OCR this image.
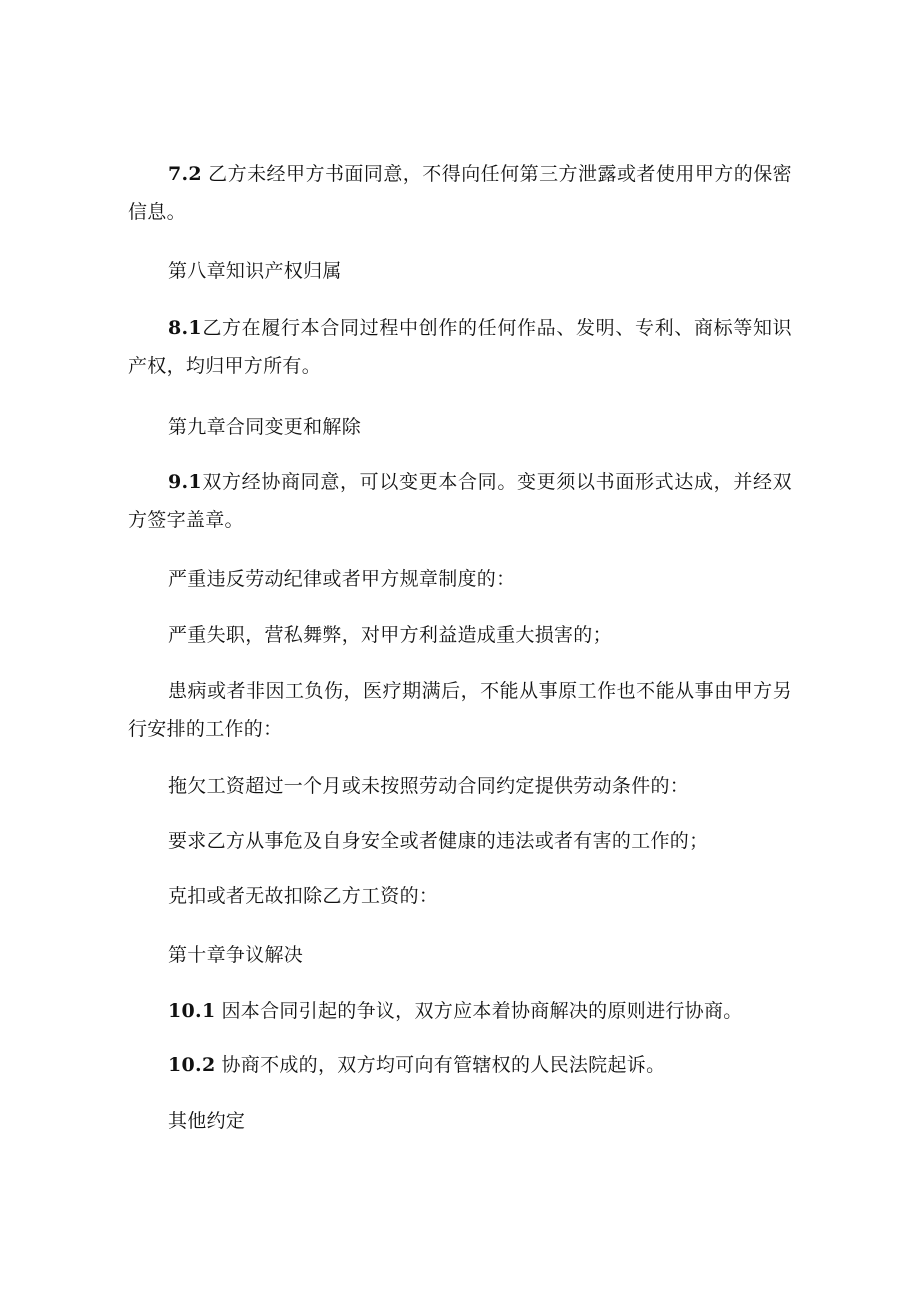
7.2 乙方未经甲方书面同意，不得向任何第三方泄露或者使用甲方的保密信息。

第八章知识产权归属

8.1乙方在履行本合同过程中创作的任何作品、发明、专利、商标等知识产权，均归甲方所有。

第九章合同变更和解除

9.1双方经协商同意，可以变更本合同。变更须以书面形式达成，并经双方签字盖章。

严重违反劳动纪律或者甲方规章制度的：

严重失职，营私舞弊，对甲方利益造成重大损害的；

患病或者非因工负伤，医疗期满后，不能从事原工作也不能从事由甲方另行安排的工作的：

拖欠工资超过一个月或未按照劳动合同约定提供劳动条件的：

要求乙方从事危及自身安全或者健康的违法或者有害的工作的；

克扣或者无故扣除乙方工资的：

第十章争议解决

10.1 因本合同引起的争议，双方应本着协商解决的原则进行协商。

10.2 协商不成的，双方均可向有管辖权的人民法院起诉。

其他约定
